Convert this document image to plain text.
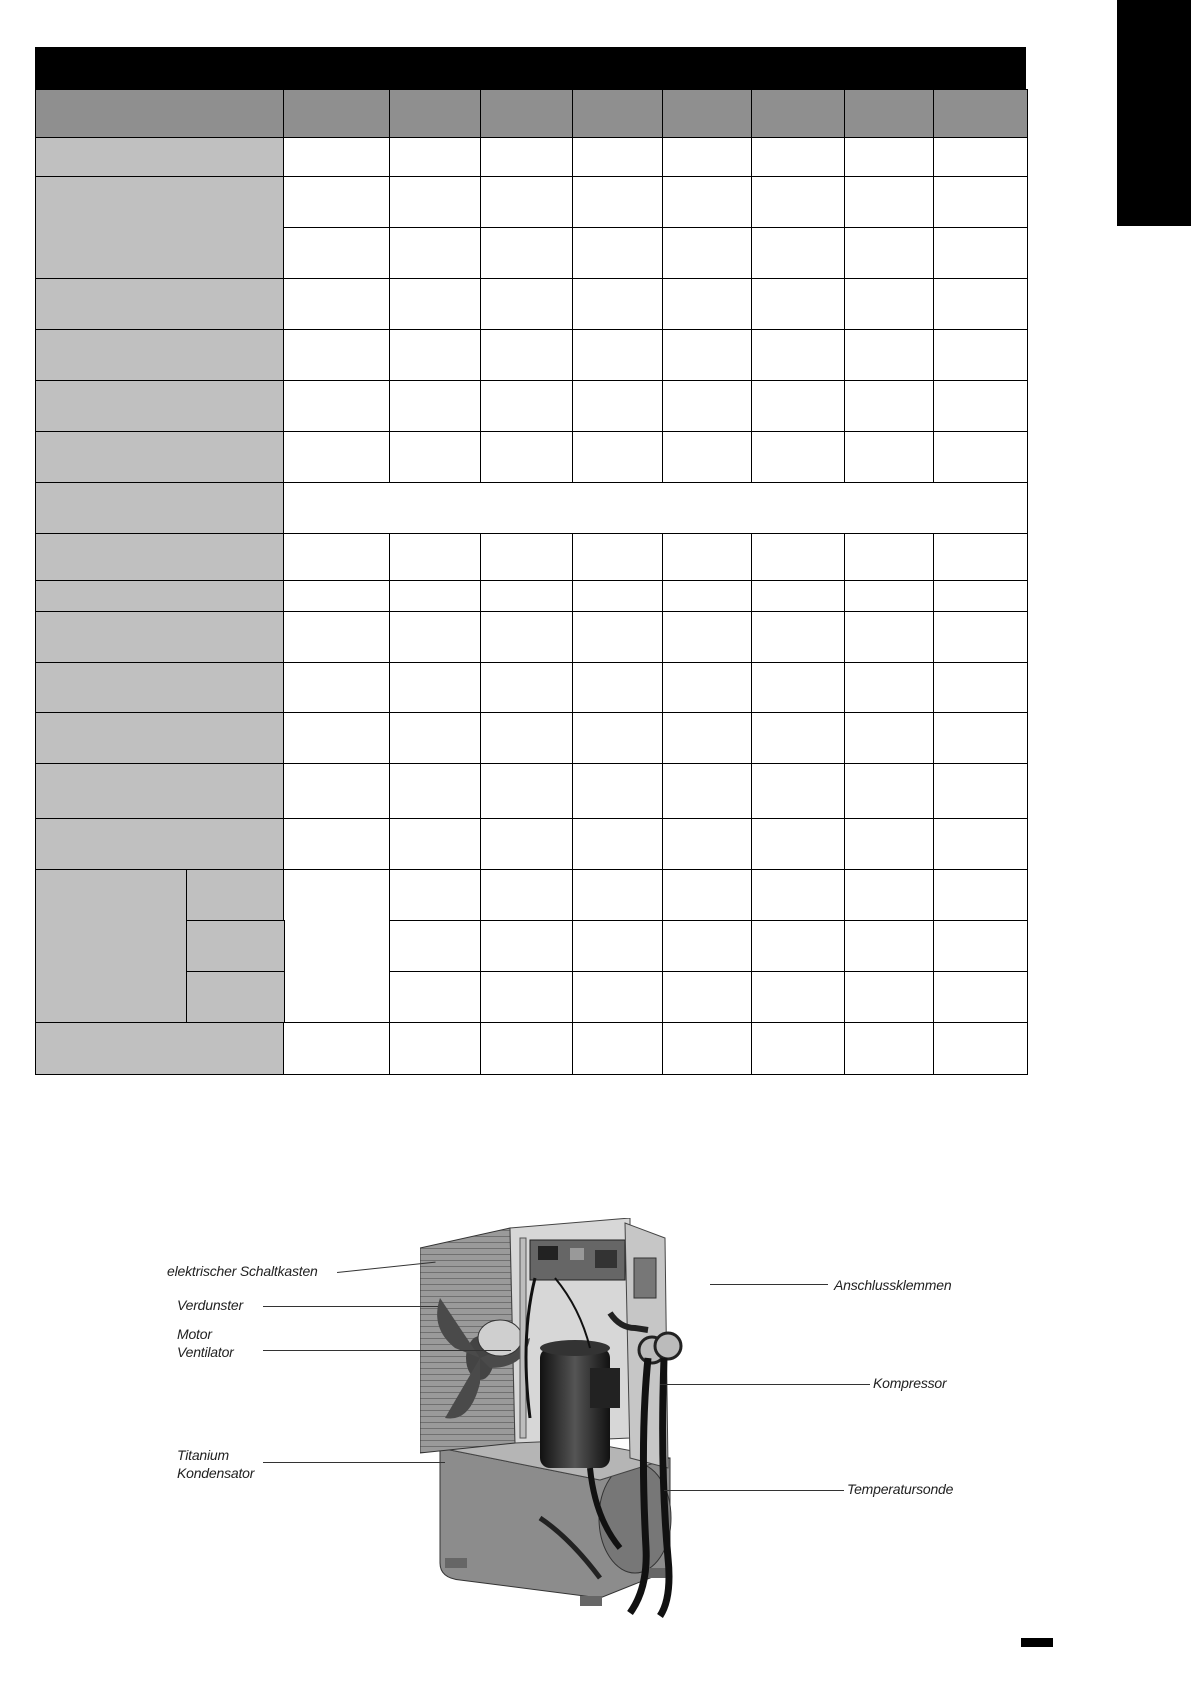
elektrischer Schaltkasten
Verdunster
Motor
Ventilator
Titanium
Kondensator
Anschlussklemmen
Kompressor
Temperatursonde
